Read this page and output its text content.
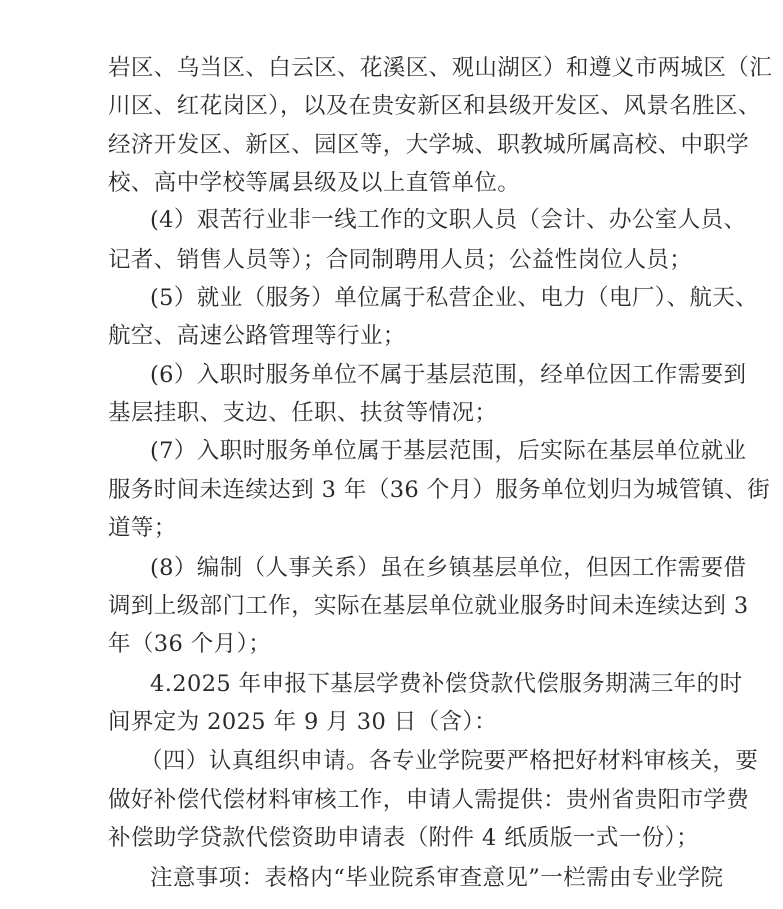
岩区、乌当区、白云区、花溪区、观山湖区）和遵义市两城区（汇
川区、红花岗区），以及在贵安新区和县级开发区、风景名胜区、
经济开发区、新区、园区等，大学城、职教城所属高校、中职学
校、高中学校等属县级及以上直管单位。
(4）艰苦行业非一线工作的文职人员（会计、办公室人员、
记者、销售人员等）；合同制聘用人员；公益性岗位人员；
(5）就业（服务）单位属于私营企业、电力（电厂）、航天、
航空、高速公路管理等行业；
(6）入职时服务单位不属于基层范围，经单位因工作需要到
基层挂职、支边、任职、扶贫等情况；
(7）入职时服务单位属于基层范围，后实际在基层单位就业
服务时间未连续达到 3 年（36 个月）服务单位划归为城管镇、街
道等；
(8）编制（人事关系）虽在乡镇基层单位，但因工作需要借
调到上级部门工作，实际在基层单位就业服务时间未连续达到 3
年（36 个月）；
4.2025 年申报下基层学费补偿贷款代偿服务期满三年的时
间界定为 2025 年 9 月 30 日（含）：
（四）认真组织申请。各专业学院要严格把好材料审核关，要
做好补偿代偿材料审核工作，申请人需提供：贵州省贵阳市学费
补偿助学贷款代偿资助申请表（附件 4 纸质版一式一份）；
注意事项：表格内“毕业院系审查意见”一栏需由专业学院
